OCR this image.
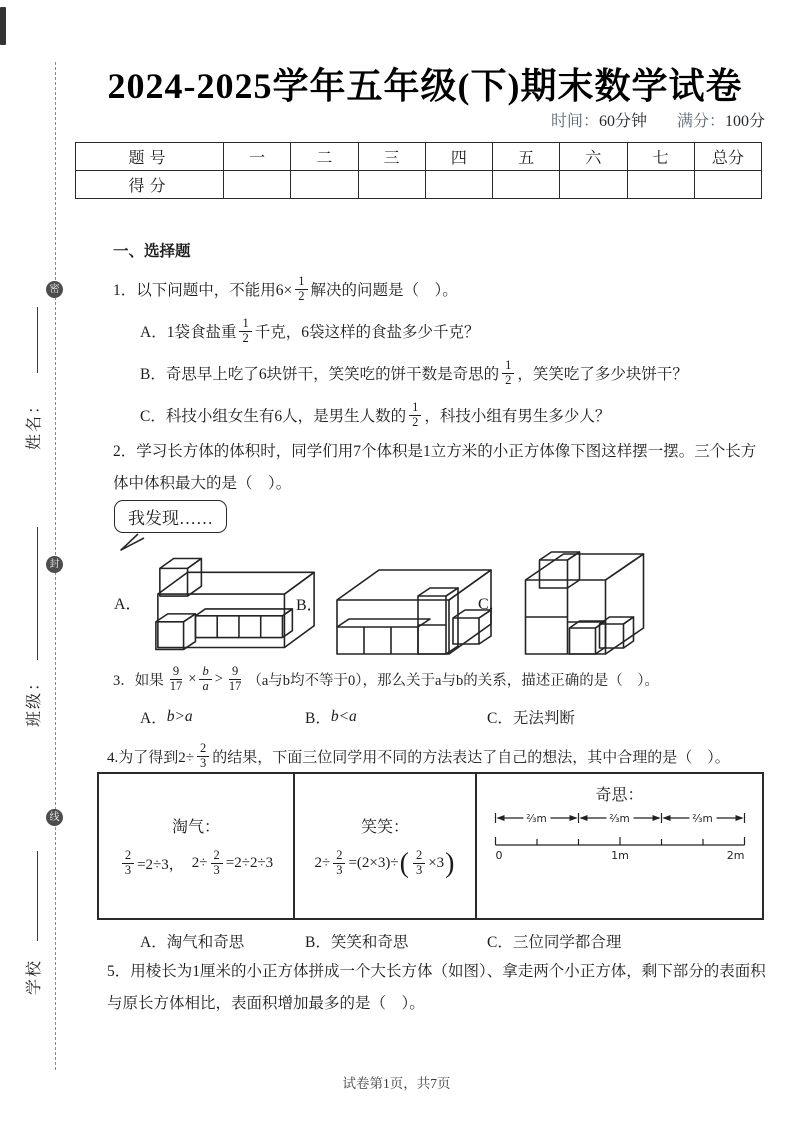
密
封
线
姓名：
班级：
学校
2024-2025学年五年级(下)期末数学试卷
时间：60分钟 满分：100分
题号	一	二	三	四	五	六	七	总分
得分								
一、选择题
1．以下问题中，不能用$6\times \frac{1}{2}$ 解决的问题是（　）。
A．1袋食盐重 $\frac{1}{2}$ 千克，6袋这样的食盐多少千克？
B．奇思早上吃了6块饼干，笑笑吃的饼干数是奇思的 $\frac{1}{2}$ ，笑笑吃了多少块饼干？
C．科技小组女生有6人，是男生人数的 $\frac{1}{2}$ ，科技小组有男生多少人？
2．学习长方体的体积时，同学们用7个体积是1立方米的小正方体像下图这样摆一摆。三个长方体中体积最大的是（　）。
我发现……
A．	B．	C．
3．如果 $\frac{9}{17} \times \frac{b}{a} > \frac{9}{17} (a$与b均不等于0），那么关于a与b的关系，描述正确的是（　）。
A． b>a	B． b<a	C． 无法判断
4.为了得到$2\div \frac{2}{3}$ 的结果，下面三位同学用不同的方法表达了自己的想法，其中合理的是（　）。
淘气：
$\frac{2}{3} =2\div 3$， $2\div \frac{2}{3} =2\div 2\div 3$

笑笑：
$2\div \frac{2}{3} =(2\times 3)\div$ ( $\frac{2}{3} \times 3$ )

奇思：
⅔m	⅔m	⅔m
0	1m	2m
A．淘气和奇思	B．笑笑和奇思	C．三位同学都合理
5．用棱长为1厘米的小正方体拼成一个大长方体（如图）、拿走两个小正方体，剩下部分的表面积与原长方体相比，表面积增加最多的是（　）。
试卷第1页，共7页
